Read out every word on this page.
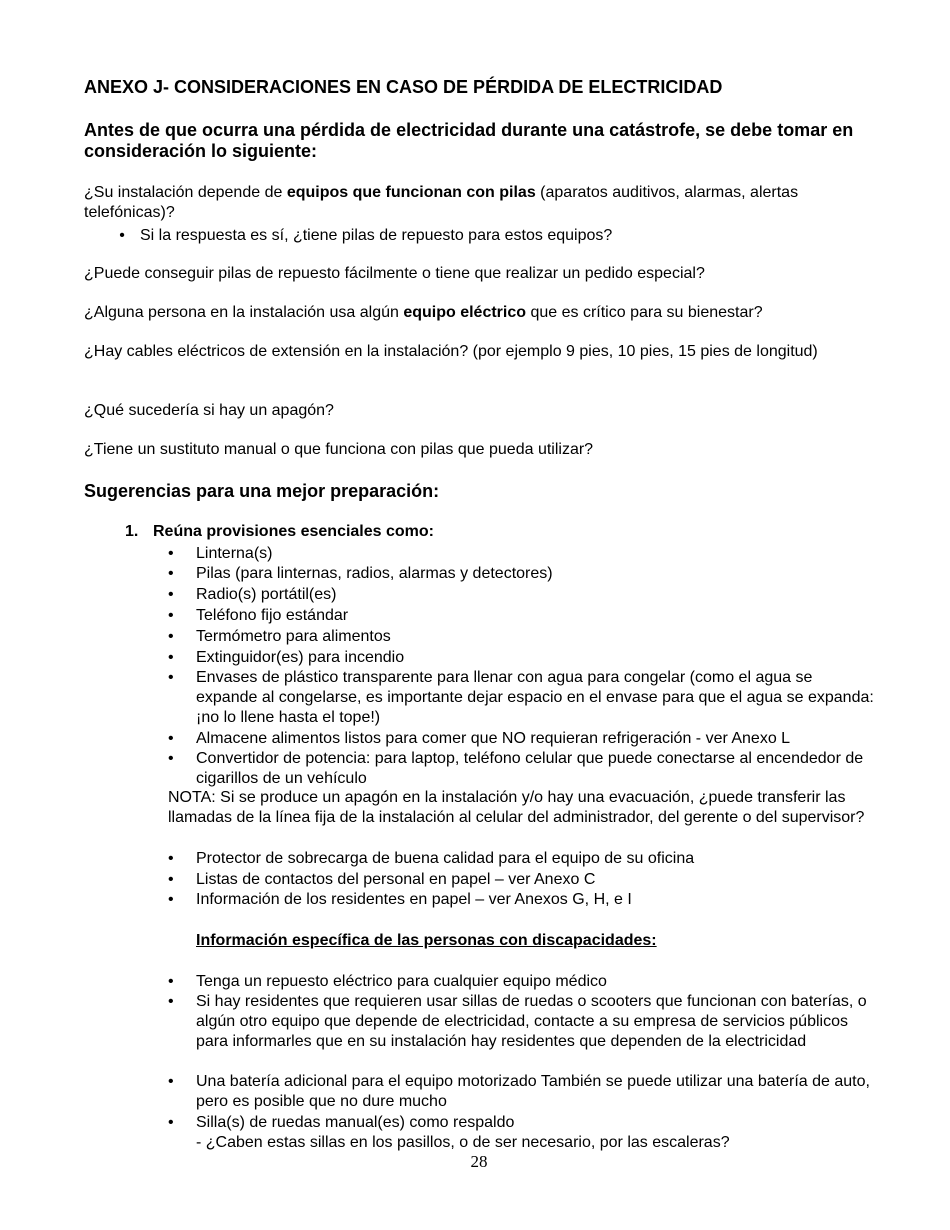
ANEXO J- CONSIDERACIONES EN CASO DE PÉRDIDA DE ELECTRICIDAD
Antes de que ocurra una pérdida de electricidad durante una catástrofe, se debe tomar en consideración lo siguiente:

¿Su instalación depende de equipos que funcionan con pilas (aparatos auditivos, alarmas, alertas telefónicas)?

• Si la respuesta es sí, ¿tiene pilas de repuesto para estos equipos?

¿Puede conseguir pilas de repuesto fácilmente o tiene que realizar un pedido especial?

¿Alguna persona en la instalación usa algún equipo eléctrico que es crítico para su bienestar?

¿Hay cables eléctricos de extensión en la instalación? (por ejemplo 9 pies, 10 pies, 15 pies de longitud)

¿Qué sucedería si hay un apagón?

¿Tiene un sustituto manual o que funciona con pilas que pueda utilizar?

Sugerencias para una mejor preparación:
1. Reúna provisiones esenciales como:
• Linterna(s)
• Pilas (para linternas, radios, alarmas y detectores)
• Radio(s) portátil(es)
• Teléfono fijo estándar
• Termómetro para alimentos
• Extinguidor(es) para incendio
• Envases de plástico transparente para llenar con agua para congelar (como el agua se expande al congelarse, es importante dejar espacio en el envase para que el agua se expanda: ¡no lo llene hasta el tope!)
• Almacene alimentos listos para comer que NO requieran refrigeración - ver Anexo L
• Convertidor de potencia: para laptop, teléfono celular que puede conectarse al encendedor de cigarillos de un vehículo
NOTA: Si se produce un apagón en la instalación y/o hay una evacuación, ¿puede transferir las llamadas de la línea fija de la instalación al celular del administrador, del gerente o del supervisor?
• Protector de sobrecarga de buena calidad para el equipo de su oficina
• Listas de contactos del personal en papel – ver Anexo C
• Información de los residentes en papel – ver Anexos G, H, e I
Información específica de las personas con discapacidades:
• Tenga un repuesto eléctrico para cualquier equipo médico
• Si hay residentes que requieren usar sillas de ruedas o scooters que funcionan con baterías, o algún otro equipo que depende de electricidad, contacte a su empresa de servicios públicos para informarles que en su instalación hay residentes que dependen de la electricidad
• Una batería adicional para el equipo motorizado También se puede utilizar una batería de auto, pero es posible que no dure mucho
• Silla(s) de ruedas manual(es) como respaldo
- ¿Caben estas sillas en los pasillos, o de ser necesario, por las escaleras?
28
